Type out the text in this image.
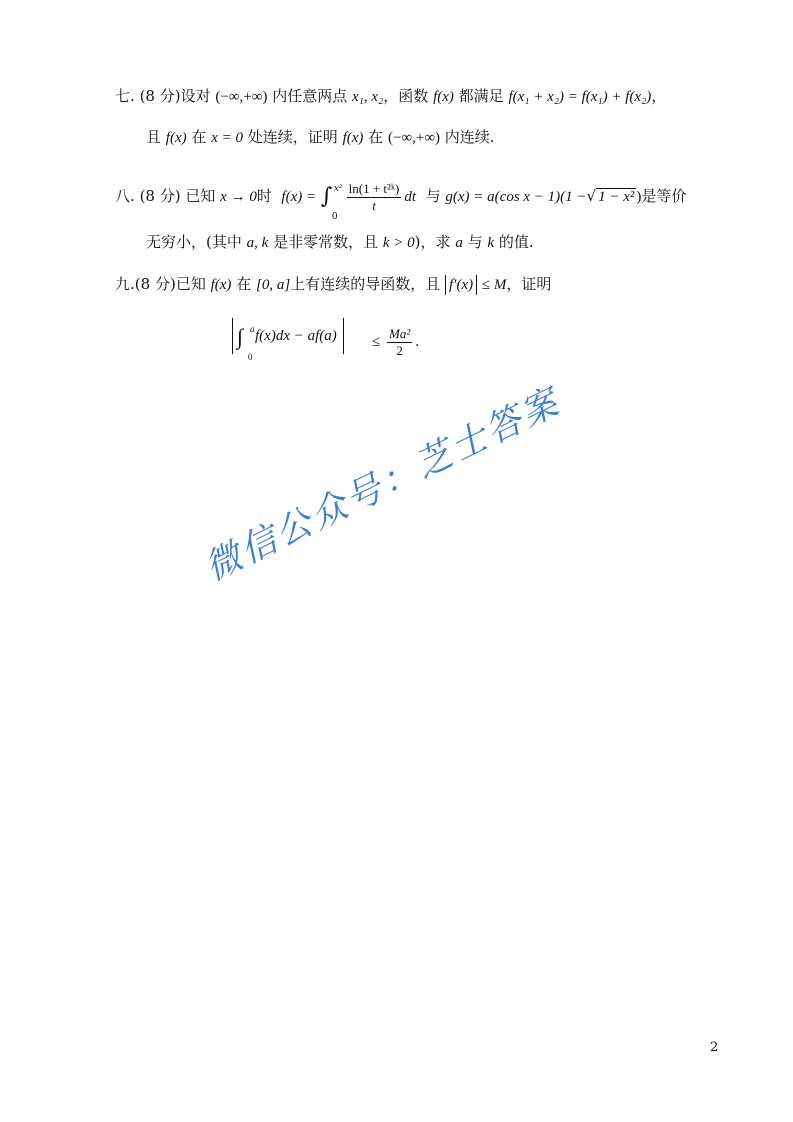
七. (8 分)设对 (−∞,+∞) 内任意两点 x₁, x₂，函数 f(x) 都满足 f(x₁ + x₂) = f(x₁) + f(x₂)，
且 f(x) 在 x = 0 处连续，证明 f(x) 在 (−∞,+∞) 内连续.
八. (8 分) 已知 x → 0时 f(x) = ∫ x²
0

$\frac{\text{ln(1 + t²ᵏ)}}{t}$ dt 与 g(x) = a(cos x − 1)(1 −√ 1 − x² )是等价
无穷小，(其中 a, k 是非零常数，且 k > 0)，求 a 与 k 的值.
九.(8 分)已知 f(x) 在 [0, a]上有连续的导函数，且 f′(x) ≤ M，证明
∫ a
0
f(x)dx − af(a)	≤ $\frac{\text{Ma²}}{2}$ .
微信公众号：芝士答案
2
